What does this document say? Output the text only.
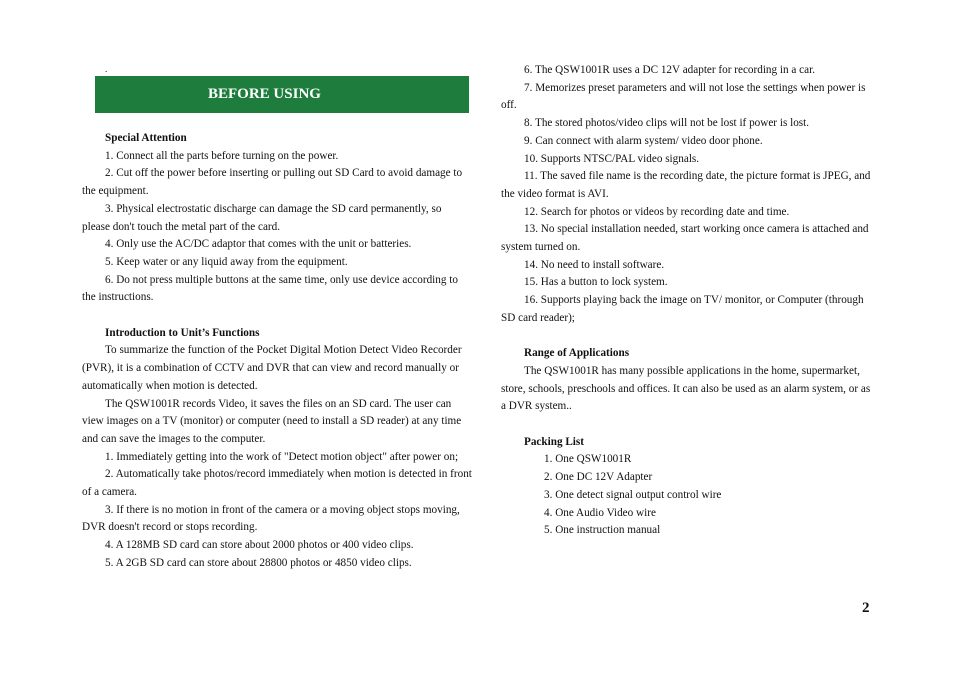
.
BEFORE USING

Special Attention

1. Connect all the parts before turning on the power.

2. Cut off the power before inserting or pulling out SD Card to avoid damage to the equipment.

3. Physical electrostatic discharge can damage the SD card permanently, so please don't touch the metal part of the card.

4. Only use the AC/DC adaptor that comes with the unit or batteries.

5. Keep water or any liquid away from the equipment.

6. Do not press multiple buttons at the same time, only use device according to the instructions.

Introduction to Unit’s Functions

To summarize the function of the Pocket Digital Motion Detect Video Recorder (PVR), it is a combination of CCTV and DVR that can view and record manually or automatically when motion is detected.

The QSW1001R records Video, it saves the files on an SD card. The user can view images on a TV (monitor) or computer (need to install a SD reader) at any time and can save the images to the computer.

1. Immediately getting into the work of "Detect motion object" after power on;

2. Automatically take photos/record immediately when motion is detected in front of a camera.

3. If there is no motion in front of the camera or a moving object stops moving, DVR doesn't record or stops recording.

4. A 128MB SD card can store about 2000 photos or 400 video clips.

5. A 2GB SD card can store about 28800 photos or 4850 video clips.

6. The QSW1001R uses a DC 12V adapter for recording in a car.

7. Memorizes preset parameters and will not lose the settings when power is off.

8. The stored photos/video clips will not be lost if power is lost.

9. Can connect with alarm system/ video door phone.

10. Supports NTSC/PAL video signals.

11. The saved file name is the recording date, the picture format is JPEG, and the video format is AVI.

12. Search for photos or videos by recording date and time.

13. No special installation needed, start working once camera is attached and system turned on.

14. No need to install software.

15. Has a button to lock system.

16. Supports playing back the image on TV/ monitor, or Computer (through SD card reader);

Range of Applications

The QSW1001R has many possible applications in the home, supermarket, store, schools, preschools and offices. It can also be used as an alarm system, or as a DVR system..

Packing List

1. One QSW1001R

2. One DC 12V Adapter

3. One detect signal output control wire

4. One Audio Video wire

5. One instruction manual

2
